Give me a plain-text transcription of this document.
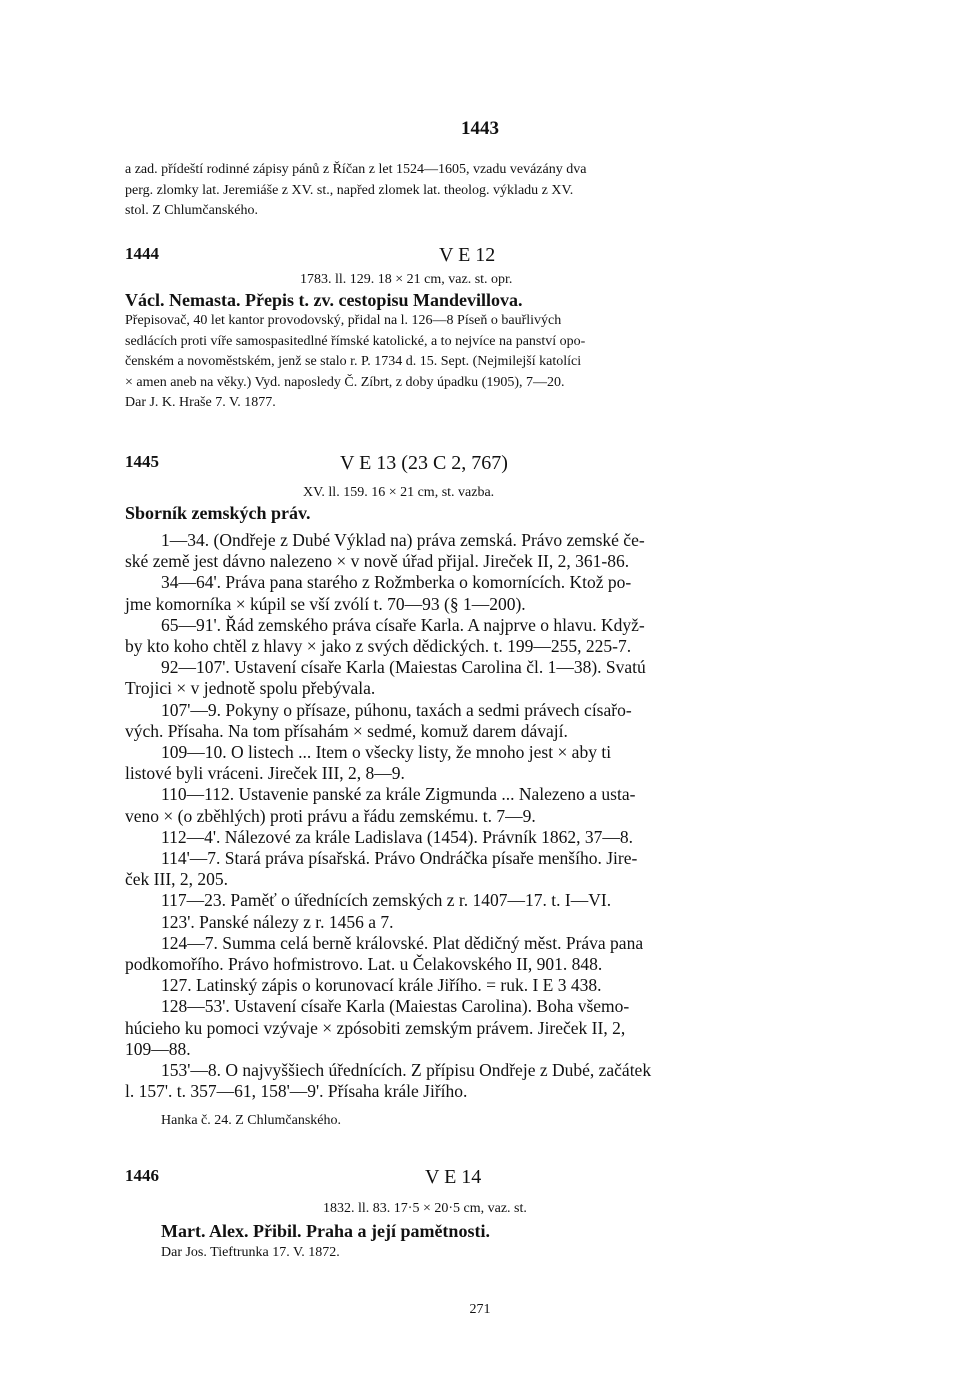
1443
a zad. přídeští rodinné zápisy pánů z Říčan z let 1524—1605, vzadu vevázány dva
perg. zlomky lat. Jeremiáše z XV. st., napřed zlomek lat. theolog. výkladu z XV.
stol. Z Chlumčanského.
1444	V E 12
1783. ll. 129. 18 × 21 cm, vaz. st. opr.
Václ. Nemasta. Přepis t. zv. cestopisu Mandevillova.
Přepisovač, 40 let kantor provodovský, přidal na l. 126—8 Píseň o bauřlivých
sedlácích proti víře samospasitedlné římské katolické, a to nejvíce na panství opo-
čenském a novoměstském, jenž se stalo r. P. 1734 d. 15. Sept. (Nejmilejší katolíci
× amen aneb na věky.) Vyd. naposledy Č. Zíbrt, z doby úpadku (1905), 7—20.
Dar J. K. Hraše 7. V. 1877.
1445	V E 13 (23 C 2, 767)
XV. ll. 159. 16 × 21 cm, st. vazba.
Sborník zemských práv.
1—34. (Ondřeje z Dubé Výklad na) práva zemská. Právo zemské če-
ské země jest dávno nalezeno × v nově úřad přijal. Jireček II, 2, 361-86.
34—64'. Práva pana starého z Rožmberka o komornících. Ktož po-
jme komorníka × kúpil se vší zvólí t. 70—93 (§ 1—200).
65—91'. Řád zemského práva císaře Karla. A najprve o hlavu. Když-
by kto koho chtěl z hlavy × jako z svých dědických. t. 199—255, 225-7.
92—107'. Ustavení císaře Karla (Maiestas Carolina čl. 1—38). Svatú
Trojici × v jednotě spolu přebývala.
107'—9. Pokyny o přísaze, púhonu, taxách a sedmi právech císařo-
vých. Přísaha. Na tom přísahám × sedmé, komuž darem dávají.
109—10. O listech ... Item o všecky listy, že mnoho jest × aby ti
listové byli vráceni. Jireček III, 2, 8—9.
110—112. Ustavenie panské za krále Zigmunda ... Nalezeno a usta-
veno × (o zběhlých) proti právu a řádu zemskému. t. 7—9.
112—4'. Nálezové za krále Ladislava (1454). Právník 1862, 37—8.
114'—7. Stará práva písařská. Právo Ondráčka písaře menšího. Jire-
ček III, 2, 205.
117—23. Paměť o úřednících zemských z r. 1407—17. t. I—VI.
123'. Panské nálezy z r. 1456 a 7.
124—7. Summa celá berně královské. Plat dědičný měst. Práva pana
podkomořího. Právo hofmistrovo. Lat. u Čelakovského II, 901. 848.
127. Latinský zápis o korunovací krále Jiřího. = ruk. I E 3 438.
128—53'. Ustavení císaře Karla (Maiestas Carolina). Boha všemo-
húcieho ku pomoci vzývaje × zpósobiti zemským právem. Jireček II, 2,
109—88.
153'—8. O najvyššiech úřednících. Z přípisu Ondřeje z Dubé, začátek
l. 157'. t. 357—61, 158'—9'. Přísaha krále Jiřího.
Hanka č. 24. Z Chlumčanského.
1446	V E 14
1832. ll. 83. 17·5 × 20·5 cm, vaz. st.
Mart. Alex. Přibil. Praha a její pamětnosti.
Dar Jos. Tieftrunka 17. V. 1872.
271
